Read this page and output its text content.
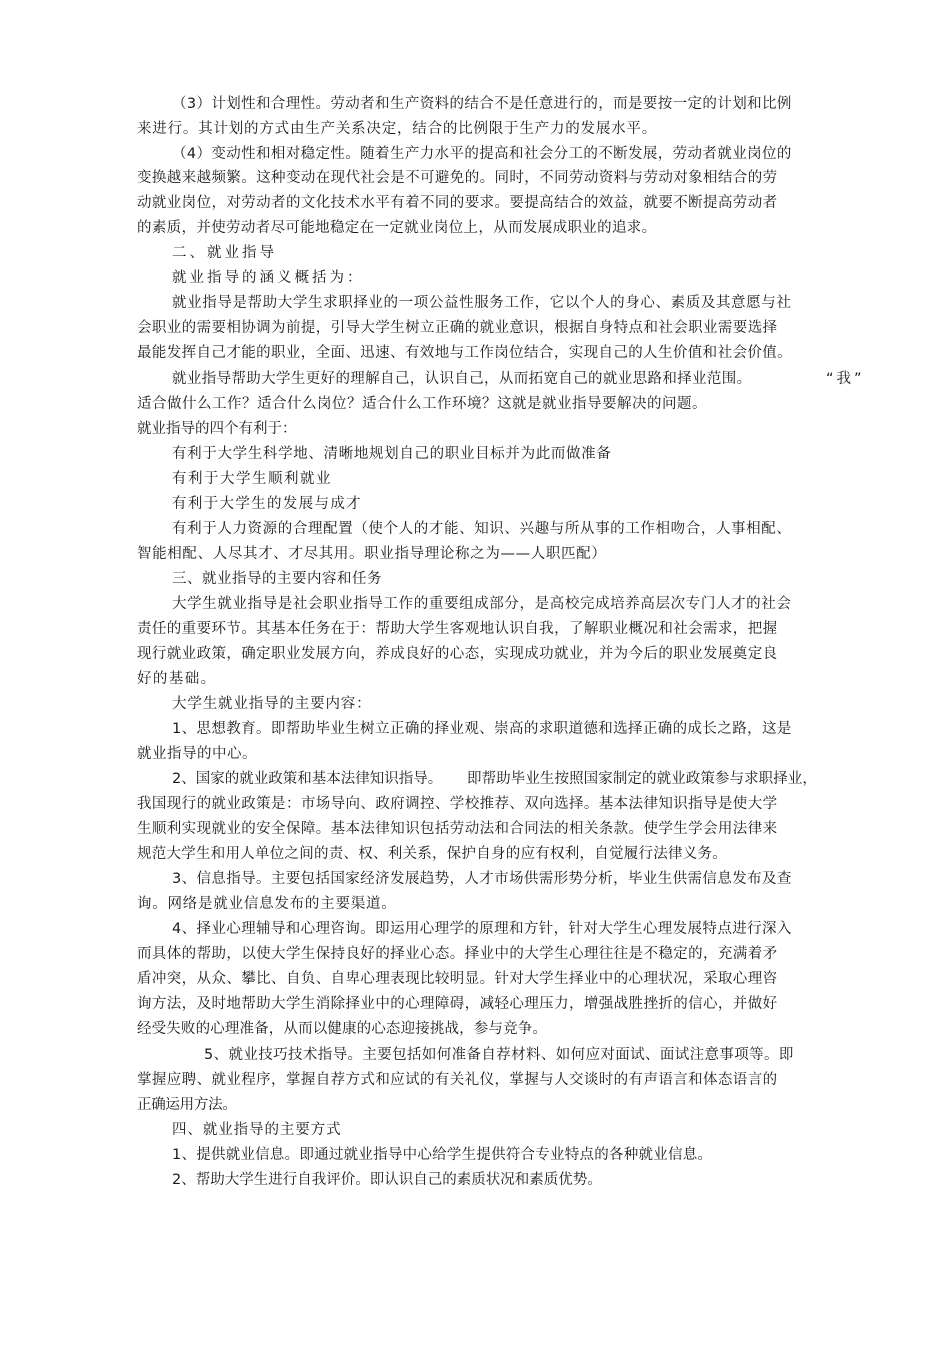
（3）计划性和合理性。劳动者和生产资料的结合不是任意进行的，而是要按一定的计划和比例
来进行。其计划的方式由生产关系决定，结合的比例限于生产力的发展水平。
（4）变动性和相对稳定性。随着生产力水平的提高和社会分工的不断发展，劳动者就业岗位的
变换越来越频繁。这种变动在现代社会是不可避免的。同时，不同劳动资料与劳动对象相结合的劳
动就业岗位，对劳动者的文化技术水平有着不同的要求。要提高结合的效益，就要不断提高劳动者
的素质，并使劳动者尽可能地稳定在一定就业岗位上，从而发展成职业的追求。
二、就业指导
就业指导的涵义概括为：
就业指导是帮助大学生求职择业的一项公益性服务工作，它以个人的身心、素质及其意愿与社
会职业的需要相协调为前提，引导大学生树立正确的就业意识，根据自身特点和社会职业需要选择
最能发挥自己才能的职业，全面、迅速、有效地与工作岗位结合，实现自己的人生价值和社会价值。
就业指导帮助大学生更好的理解自己，认识自己，从而拓宽自己的就业思路和择业范围。	“我”
适合做什么工作？适合什么岗位？适合什么工作环境？这就是就业指导要解决的问题。
就业指导的四个有利于：
有利于大学生科学地、清晰地规划自己的职业目标并为此而做准备
有利于大学生顺利就业
有利于大学生的发展与成才
有利于人力资源的合理配置（使个人的才能、知识、兴趣与所从事的工作相吻合，人事相配、
智能相配、人尽其才、才尽其用。职业指导理论称之为——人职匹配）
三、就业指导的主要内容和任务
大学生就业指导是社会职业指导工作的重要组成部分，是高校完成培养高层次专门人才的社会
责任的重要环节。其基本任务在于：帮助大学生客观地认识自我，了解职业概况和社会需求，把握
现行就业政策，确定职业发展方向，养成良好的心态，实现成功就业，并为今后的职业发展奠定良
好的基础。
大学生就业指导的主要内容：
1、思想教育。即帮助毕业生树立正确的择业观、崇高的求职道德和选择正确的成长之路，这是
就业指导的中心。
2、国家的就业政策和基本法律知识指导。 即帮助毕业生按照国家制定的就业政策参与求职择业，
我国现行的就业政策是：市场导向、政府调控、学校推荐、双向选择。基本法律知识指导是使大学
生顺利实现就业的安全保障。基本法律知识包括劳动法和合同法的相关条款。使学生学会用法律来
规范大学生和用人单位之间的责、权、利关系，保护自身的应有权利，自觉履行法律义务。
3、信息指导。主要包括国家经济发展趋势，人才市场供需形势分析，毕业生供需信息发布及查
询。网络是就业信息发布的主要渠道。
4、择业心理辅导和心理咨询。即运用心理学的原理和方针，针对大学生心理发展特点进行深入
而具体的帮助，以使大学生保持良好的择业心态。择业中的大学生心理往往是不稳定的，充满着矛
盾冲突，从众、攀比、自负、自卑心理表现比较明显。针对大学生择业中的心理状况，采取心理咨
询方法，及时地帮助大学生消除择业中的心理障碍，减轻心理压力，增强战胜挫折的信心，并做好
经受失败的心理准备，从而以健康的心态迎接挑战，参与竞争。
5、就业技巧技术指导。主要包括如何准备自荐材料、如何应对面试、面试注意事项等。即
掌握应聘、就业程序，掌握自荐方式和应试的有关礼仪，掌握与人交谈时的有声语言和体态语言的
正确运用方法。
四、就业指导的主要方式
1、提供就业信息。即通过就业指导中心给学生提供符合专业特点的各种就业信息。
2、帮助大学生进行自我评价。即认识自己的素质状况和素质优势。
